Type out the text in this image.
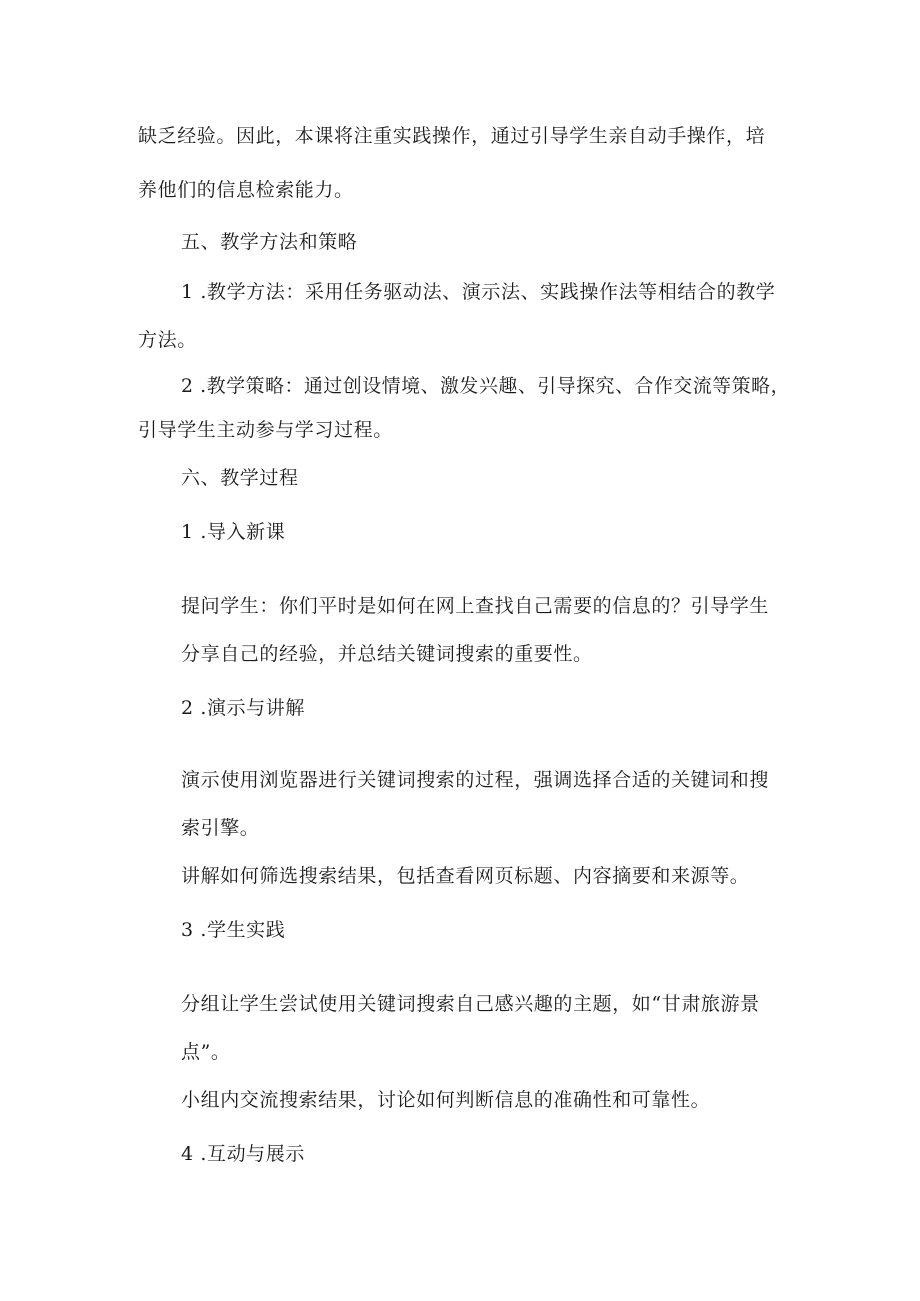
缺乏经验。因此，本课将注重实践操作，通过引导学生亲自动手操作，培
养他们的信息检索能力。
五、教学方法和策略
1 .教学方法：采用任务驱动法、演示法、实践操作法等相结合的教学
方法。
2 .教学策略：通过创设情境、激发兴趣、引导探究、合作交流等策略，
引导学生主动参与学习过程。
六、教学过程
1 .导入新课
提问学生：你们平时是如何在网上查找自己需要的信息的？引导学生
分享自己的经验，并总结关键词搜索的重要性。
2 .演示与讲解
演示使用浏览器进行关键词搜索的过程，强调选择合适的关键词和搜
索引擎。
讲解如何筛选搜索结果，包括查看网页标题、内容摘要和来源等。
3 .学生实践
分组让学生尝试使用关键词搜索自己感兴趣的主题，如“甘肃旅游景
点”。
小组内交流搜索结果，讨论如何判断信息的准确性和可靠性。
4 .互动与展示
